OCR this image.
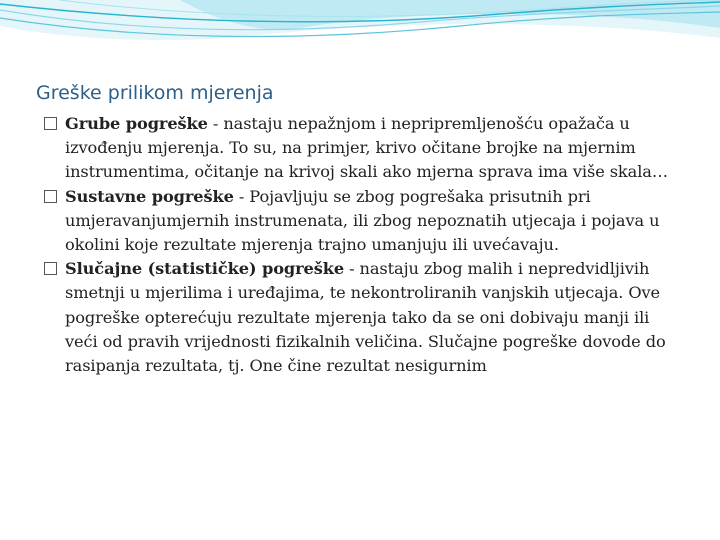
Greške prilikom mjerenja
Grube pogreške - nastaju nepažnjom i nepripremljenošću opažača u izvođenju mjerenja. To su, na primjer, krivo očitane brojke na mjernim instrumentima, očitanje na krivoj skali ako mjerna sprava ima više skala…
Sustavne pogreške - Pojavljuju se zbog pogrešaka prisutnih pri umjeravanjumjernih instrumenata, ili zbog nepoznatih utjecaja i pojava u okolini koje rezultate mjerenja trajno umanjuju ili uvećavaju.
Slučajne (statističke) pogreške - nastaju zbog malih i nepredvidljivih smetnji u mjerilima i uređajima, te nekontroliranih vanjskih utjecaja. Ove pogreške opterećuju rezultate mjerenja tako da se oni dobivaju manji ili veći od pravih vrijednosti fizikalnih veličina. Slučajne pogreške dovode do rasipanja rezultata, tj. One čine rezultat nesigurnim
